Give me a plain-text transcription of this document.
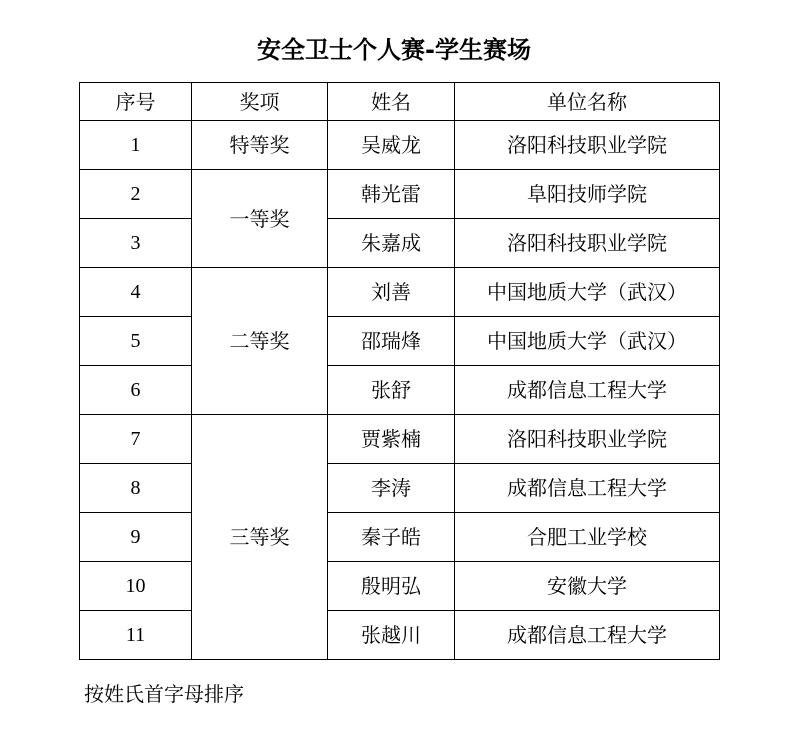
安全卫士个人赛-学生赛场
序号	奖项	姓名	单位名称
1	特等奖	吴威龙	洛阳科技职业学院
2	一等奖	韩光雷	阜阳技师学院
3		朱嘉成	洛阳科技职业学院
4	二等奖	刘善	中国地质大学（武汉）
5		邵瑞烽	中国地质大学（武汉）
6		张舒	成都信息工程大学
7	三等奖	贾紫楠	洛阳科技职业学院
8		李涛	成都信息工程大学
9		秦子皓	合肥工业学校
10		殷明弘	安徽大学
11		张越川	成都信息工程大学
按姓氏首字母排序
